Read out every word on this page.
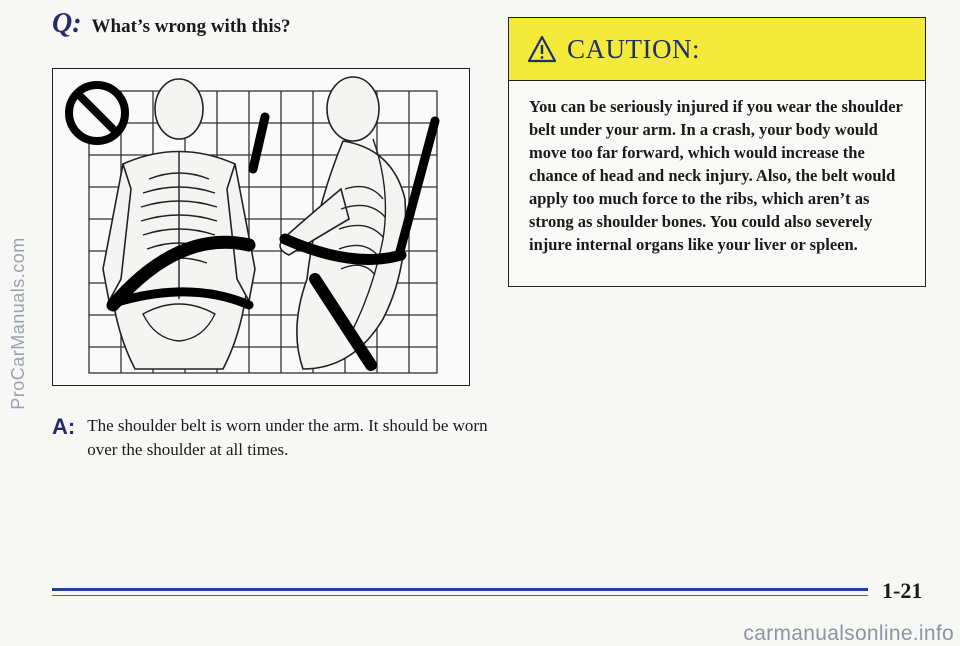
ProCarManuals.com
Q: What’s wrong with this?
A: The shoulder belt is worn under the arm. It should be worn over the shoulder at all times.
CAUTION:
You can be seriously injured if you wear the shoulder belt under your arm. In a crash, your body would move too far forward, which would increase the chance of head and neck injury. Also, the belt would apply too much force to the ribs, which aren’t as strong as shoulder bones. You could also severely injure internal organs like your liver or spleen.
1-21
carmanualsonline.info
